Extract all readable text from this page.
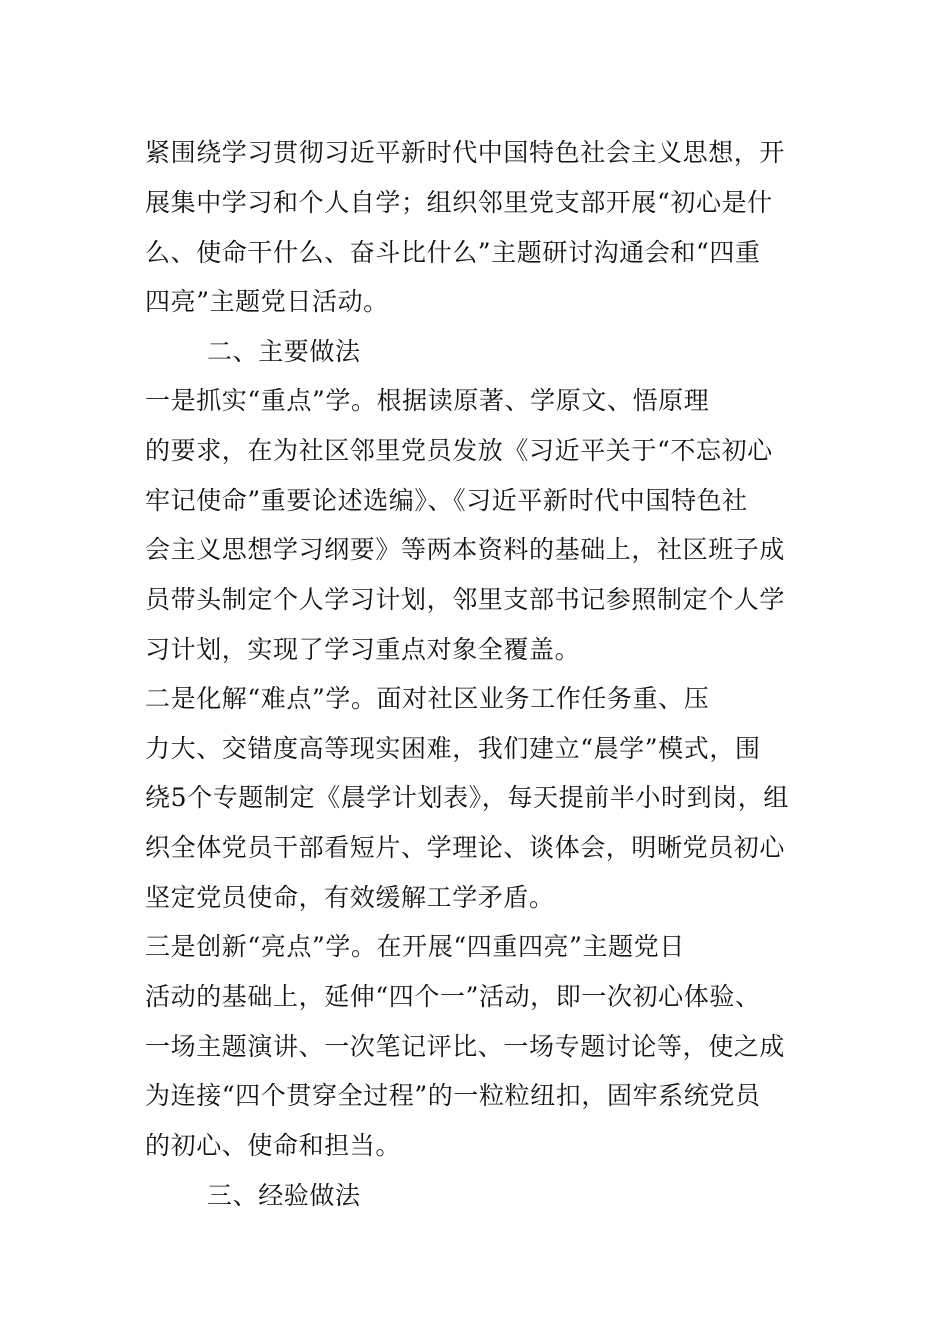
紧围绕学习贯彻习近平新时代中国特色社会主义思想，开
展集中学习和个人自学；组织邻里党支部开展“初心是什
么、使命干什么、奋斗比什么”主题研讨沟通会和“四重
四亮”主题党日活动。
二、主要做法
一是抓实“重点”学。根据读原著、学原文、悟原理
的要求，在为社区邻里党员发放《习近平关于“不忘初心
牢记使命”重要论述选编》、《习近平新时代中国特色社
会主义思想学习纲要》等两本资料的基础上，社区班子成
员带头制定个人学习计划，邻里支部书记参照制定个人学
习计划，实现了学习重点对象全覆盖。
二是化解“难点”学。面对社区业务工作任务重、压
力大、交错度高等现实困难，我们建立“晨学”模式，围
绕5个专题制定《晨学计划表》，每天提前半小时到岗，组
织全体党员干部看短片、学理论、谈体会，明晰党员初心
坚定党员使命，有效缓解工学矛盾。
三是创新“亮点”学。在开展“四重四亮”主题党日
活动的基础上，延伸“四个一”活动，即一次初心体验、
一场主题演讲、一次笔记评比、一场专题讨论等，使之成
为连接“四个贯穿全过程”的一粒粒纽扣，固牢系统党员
的初心、使命和担当。
三、经验做法
